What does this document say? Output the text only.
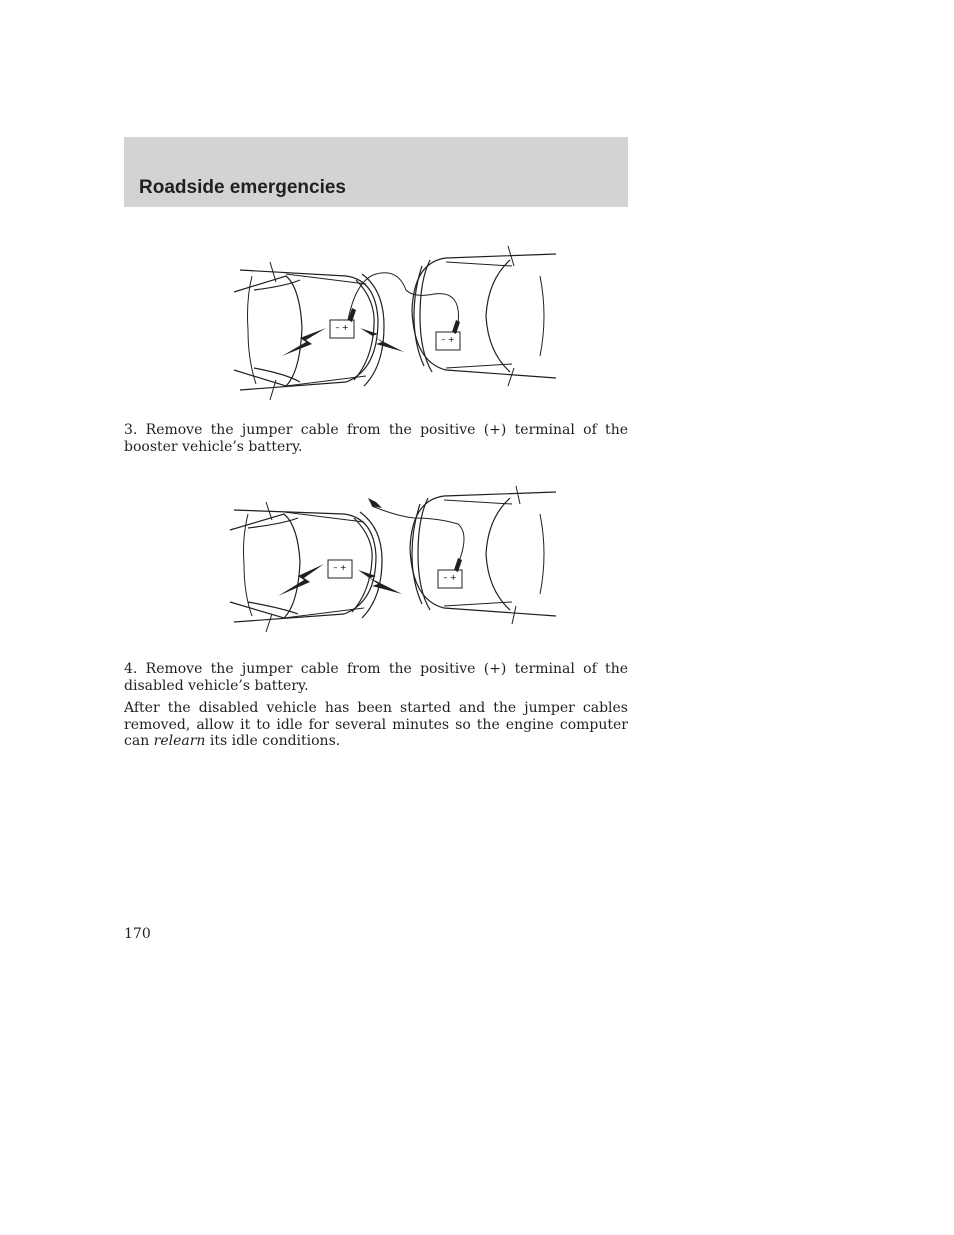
Roadside emergencies
– +
– +

3. Remove the jumper cable from the positive (+) terminal of the booster vehicle’s battery.

– +
– +

4. Remove the jumper cable from the positive (+) terminal of the disabled vehicle’s battery.

After the disabled vehicle has been started and the jumper cables removed, allow it to idle for several minutes so the engine computer can relearn its idle conditions.

170
